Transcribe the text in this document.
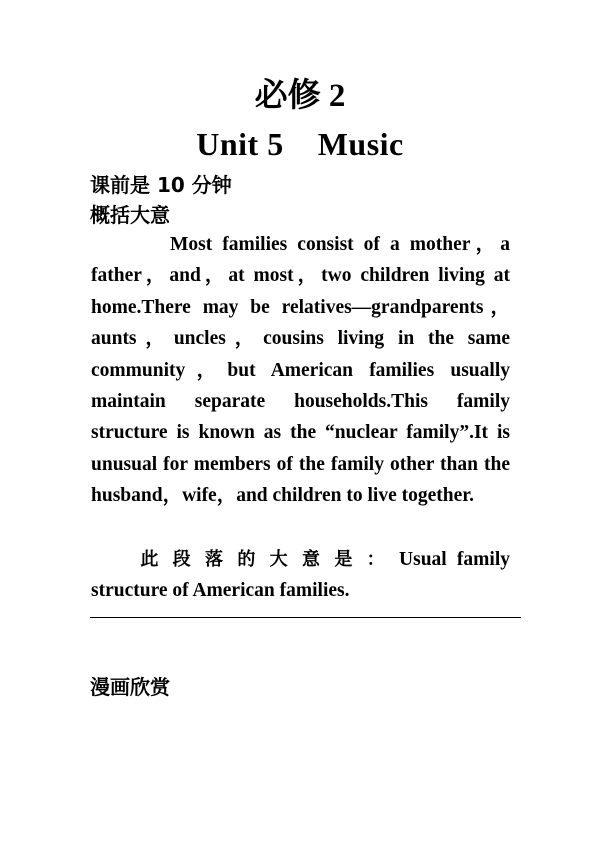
必修 2
Unit 5 Music
课前是 10 分钟
概括大意

Most families consist of a mother，a father，and，at most，two children living at home.There may be relatives—grandparents，aunts，uncles，cousins living in the same community，but American families usually maintain separate households.This family structure is known as the “nuclear family”.It is unusual for members of the family other than the husband，wife，and children to live together.

此段落的大意是：Usual family structure of American families.

漫画欣赏
